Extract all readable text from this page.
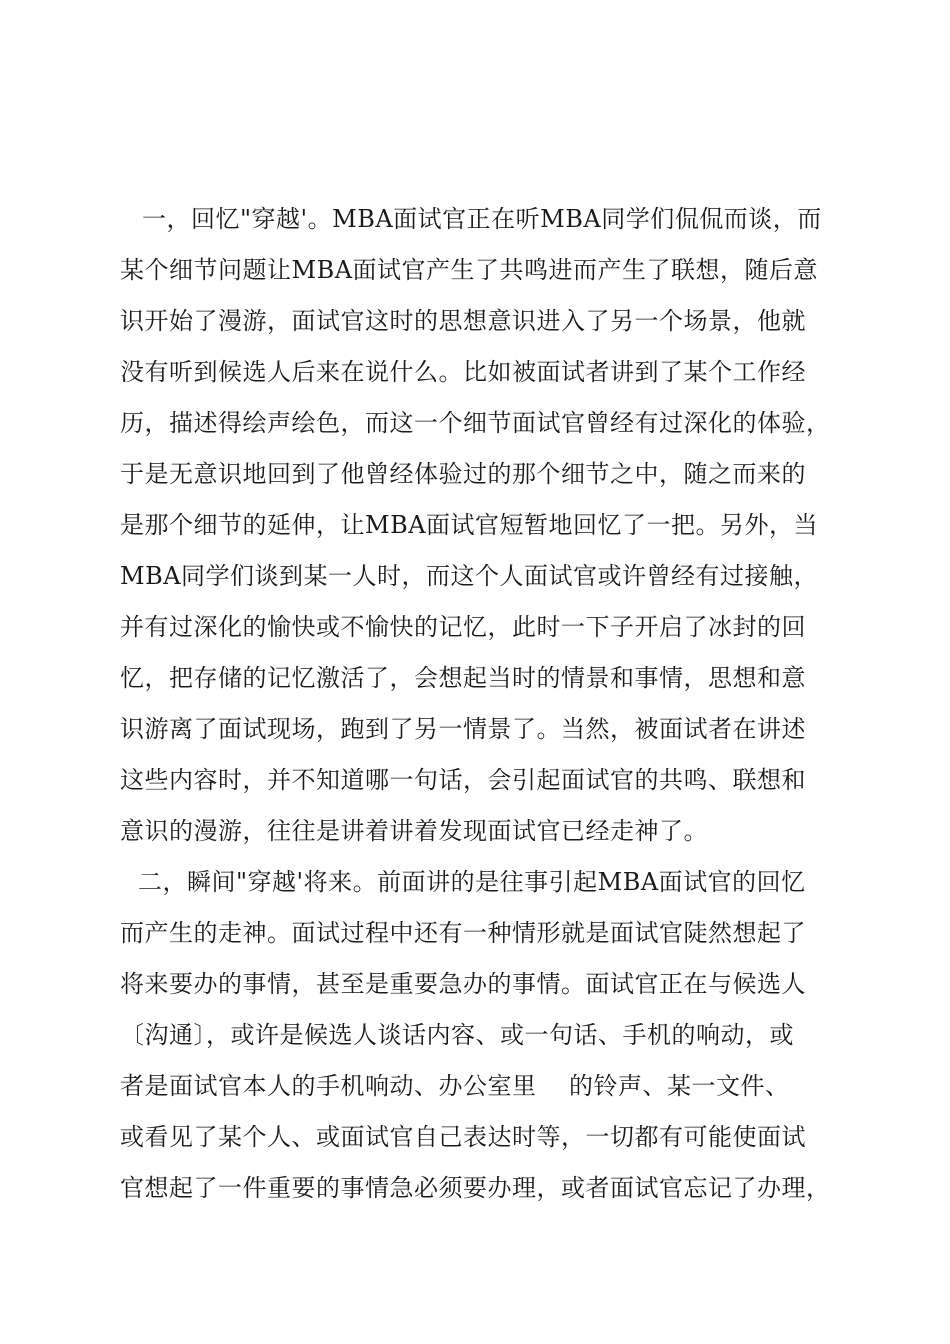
一，回忆"穿越'。MBA面试官正在听MBA同学们侃侃而谈，而
某个细节问题让MBA面试官产生了共鸣进而产生了联想，随后意
识开始了漫游，面试官这时的思想意识进入了另一个场景，他就
没有听到候选人后来在说什么。比如被面试者讲到了某个工作经
历，描述得绘声绘色，而这一个细节面试官曾经有过深化的体验，
于是无意识地回到了他曾经体验过的那个细节之中，随之而来的
是那个细节的延伸，让MBA面试官短暂地回忆了一把。另外，当
MBA同学们谈到某一人时，而这个人面试官或许曾经有过接触，
并有过深化的愉快或不愉快的记忆，此时一下子开启了冰封的回
忆，把存储的记忆激活了，会想起当时的情景和事情，思想和意
识游离了面试现场，跑到了另一情景了。当然，被面试者在讲述
这些内容时，并不知道哪一句话，会引起面试官的共鸣、联想和
意识的漫游，往往是讲着讲着发现面试官已经走神了。
二，瞬间"穿越'将来。前面讲的是往事引起MBA面试官的回忆
而产生的走神。面试过程中还有一种情形就是面试官陡然想起了
将来要办的事情，甚至是重要急办的事情。面试官正在与候选人
〔沟通〕，或许是候选人谈话内容、或一句话、手机的响动，或
者是面试官本人的手机响动、办公室里    的铃声、某一文件、
或看见了某个人、或面试官自己表达时等，一切都有可能使面试
官想起了一件重要的事情急必须要办理，或者面试官忘记了办理，
